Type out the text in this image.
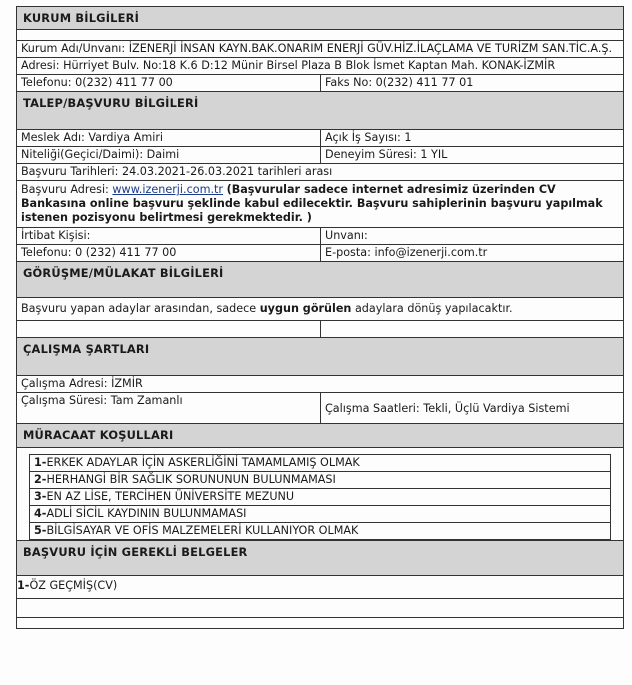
KURUM BİLGİLERİ
Kurum Adı/Unvanı: İZENERJİ İNSAN KAYN.BAK.ONARIM ENERJİ GÜV.HİZ.İLAÇLAMA VE TURİZM SAN.TİC.A.Ş.
Adresi: Hürriyet Bulv. No:18 K.6 D:12 Münir Birsel Plaza B Blok İsmet Kaptan Mah. KONAK-İZMİR
Telefonu: 0(232) 411 77 00	Faks No: 0(232) 411 77 01
TALEP/BAŞVURU BİLGİLERİ
Meslek Adı: Vardiya Amiri	Açık İş Sayısı: 1
Niteliği(Geçici/Daimi): Daimi	Deneyim Süresi: 1 YIL
Başvuru Tarihleri: 24.03.2021-26.03.2021 tarihleri arası
Başvuru Adresi: www.izenerji.com.tr (Başvurular sadece internet adresimiz üzerinden CV Bankasına online başvuru şeklinde kabul edilecektir. Başvuru sahiplerinin başvuru yapılmak istenen pozisyonu belirtmesi gerekmektedir. )
İrtibat Kişisi:	Unvanı:
Telefonu: 0 (232) 411 77 00	E-posta: info@izenerji.com.tr
GÖRÜŞME/MÜLAKAT BİLGİLERİ
Başvuru yapan adaylar arasından, sadece uygun görülen adaylara dönüş yapılacaktır.
ÇALIŞMA ŞARTLARI
Çalışma Adresi: İZMİR
Çalışma Süresi: Tam Zamanlı
Çalışma Saatleri: Tekli, Üçlü Vardiya Sistemi
MÜRACAAT KOŞULLARI
1-ERKEK ADAYLAR İÇİN ASKERLİĞİNİ TAMAMLAMIŞ OLMAK
2-HERHANGİ BİR SAĞLIK SORUNUNUN BULUNMAMASI
3-EN AZ LİSE, TERCİHEN ÜNİVERSİTE MEZUNU
4-ADLİ SİCİL KAYDININ BULUNMAMASI
5-BİLGİSAYAR VE OFİS MALZEMELERİ KULLANIYOR OLMAK
BAŞVURU İÇİN GEREKLİ BELGELER
1-ÖZ GEÇMİŞ(CV)
